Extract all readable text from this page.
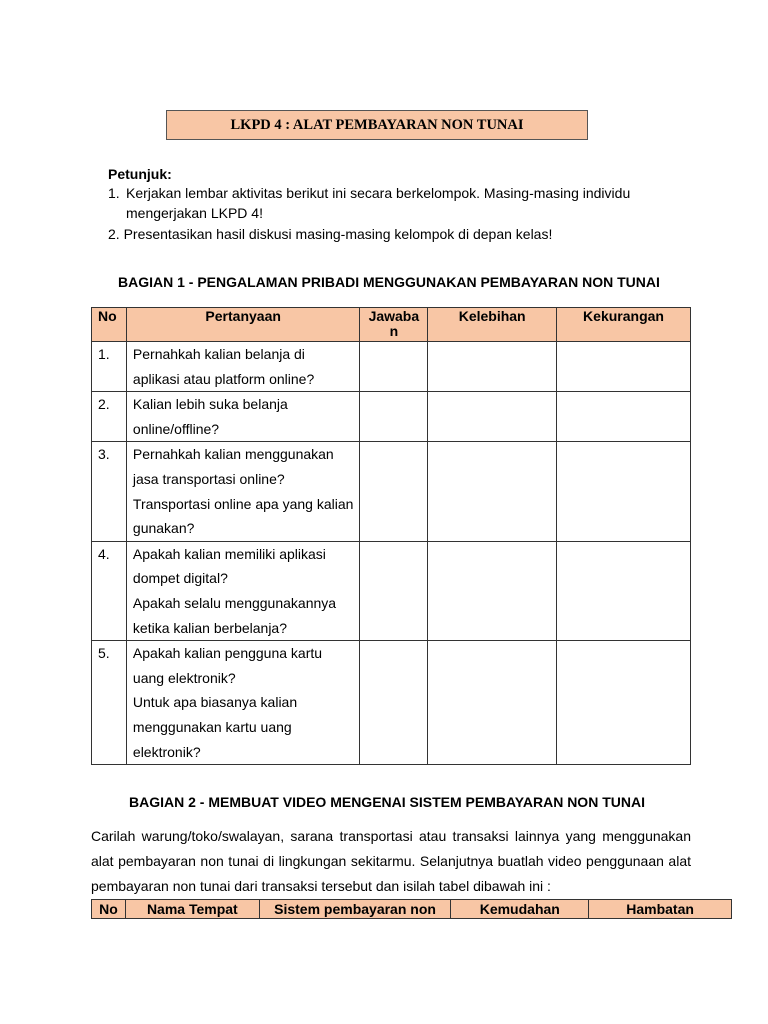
LKPD 4 : ALAT PEMBAYARAN NON TUNAI
Petunjuk:
1. Kerjakan lembar aktivitas berikut ini secara berkelompok. Masing-masing individu mengerjakan LKPD 4!
2. Presentasikan hasil diskusi masing-masing kelompok di depan kelas!
BAGIAN 1 - PENGALAMAN PRIBADI MENGGUNAKAN PEMBAYARAN NON TUNAI
No	Pertanyaan	Jawaba n	Kelebihan	Kekurangan
1.	Pernahkah kalian belanja di
aplikasi atau platform online?			

2.	Kalian lebih suka belanja
online/offline?			

3.	Pernahkah kalian menggunakan
jasa transportasi online?
Transportasi online apa yang kalian
gunakan?			

4.	Apakah kalian memiliki aplikasi
dompet digital?
Apakah selalu menggunakannya
ketika kalian berbelanja?			

5.	Apakah kalian pengguna kartu
uang elektronik?
Untuk apa biasanya kalian
menggunakan kartu uang
elektronik?			

BAGIAN 2 - MEMBUAT VIDEO MENGENAI SISTEM PEMBAYARAN NON TUNAI
Carilah warung/toko/swalayan, sarana transportasi atau transaksi lainnya yang menggunakan alat pembayaran non tunai di lingkungan sekitarmu. Selanjutnya buatlah video penggunaan alat pembayaran non tunai dari transaksi tersebut dan isilah tabel dibawah ini :
No	Nama Tempat	Sistem pembayaran non	Kemudahan	Hambatan
